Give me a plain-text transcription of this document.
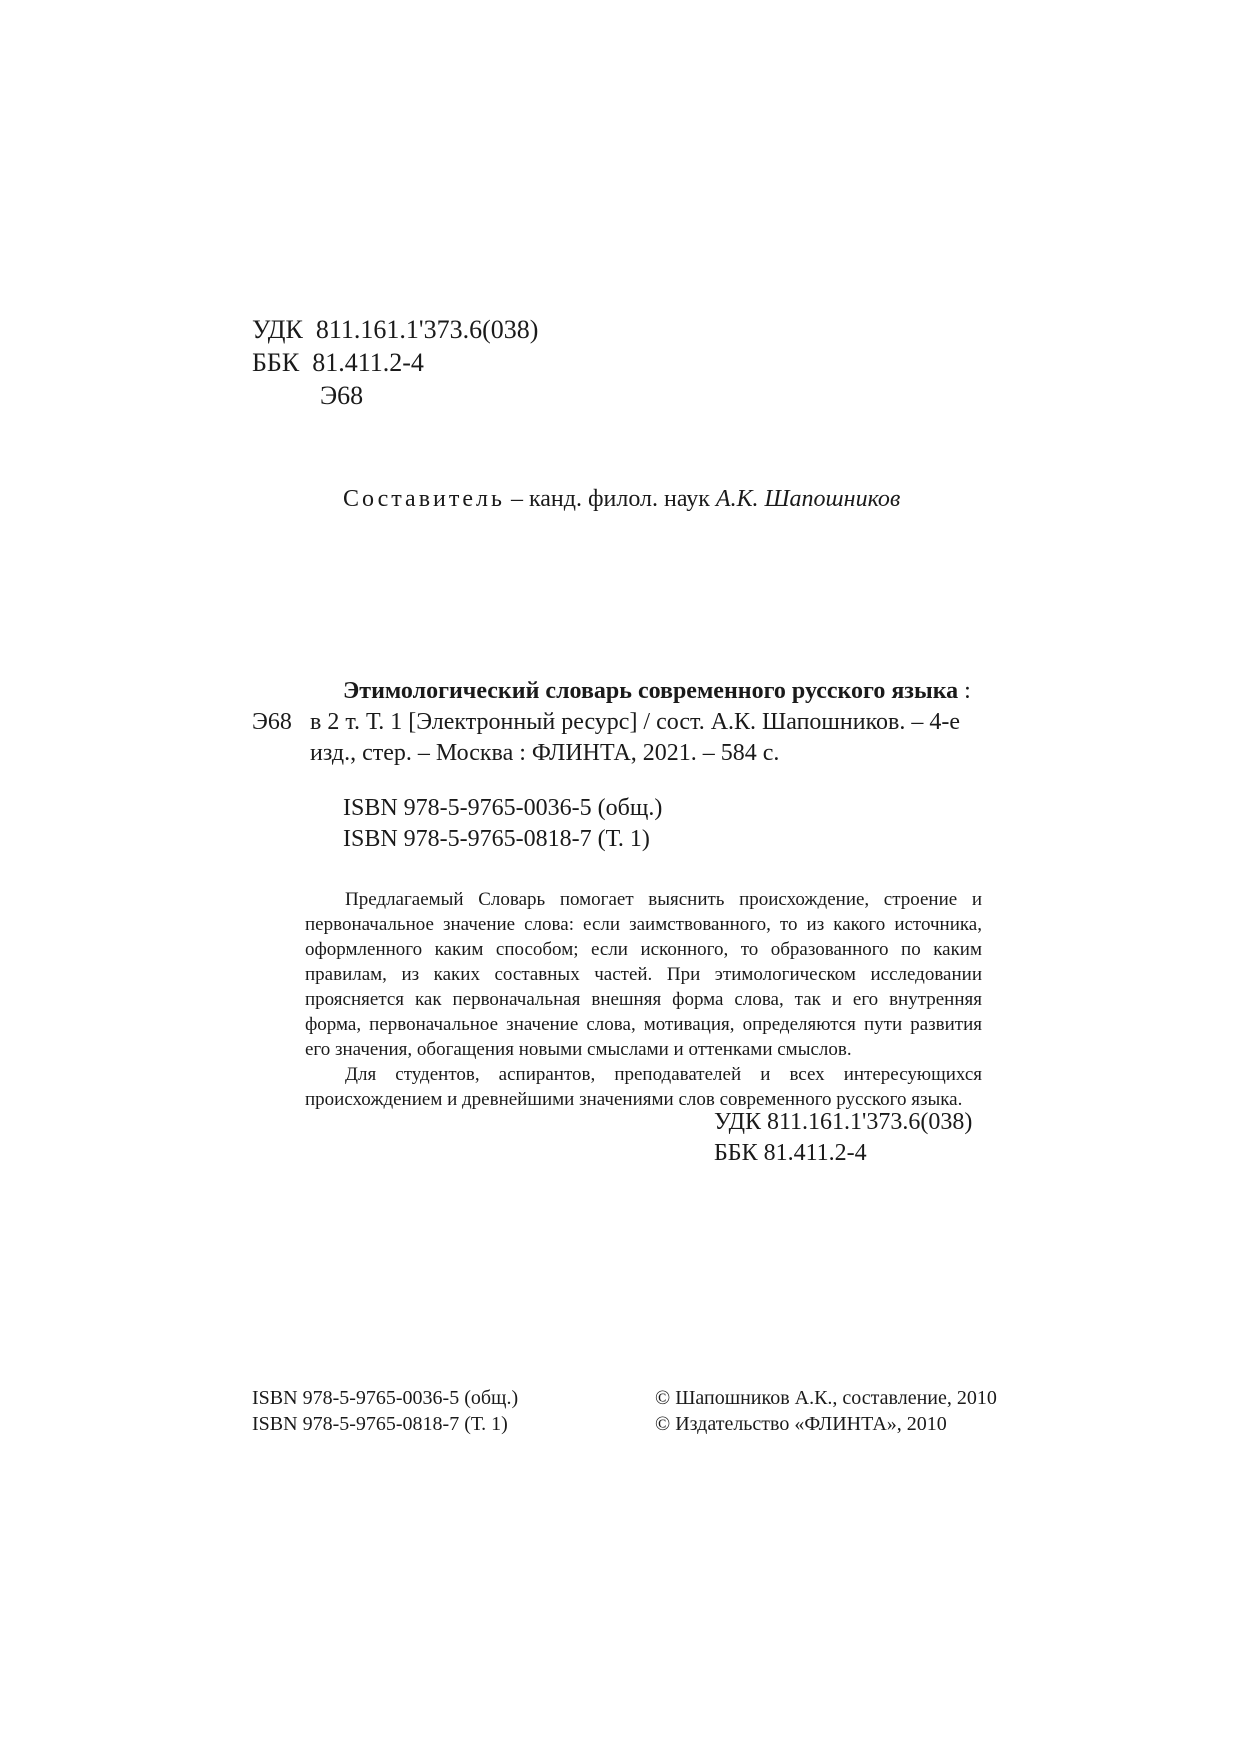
УДК 811.161.1'373.6(038)
ББК 81.411.2-4
Э68
Составитель – канд. филол. наук А.К. Шапошников
Этимологический словарь современного русского языка :
Э68 в 2 т. Т. 1 [Электронный ресурс] / сост. А.К. Шапошников. – 4-е
изд., стер. – Москва : ФЛИНТА, 2021. – 584 с.
ISBN 978-5-9765-0036-5 (общ.)
ISBN 978-5-9765-0818-7 (Т. 1)

Предлагаемый Словарь помогает выяснить происхождение, строение и первоначальное значение слова: если заимствованного, то из какого источника, оформленного каким способом; если исконного, то образованного по каким правилам, из каких составных частей. При этимологическом исследовании проясняется как первоначальная внешняя форма слова, так и его внутренняя форма, первоначальное значение слова, мотивация, определяются пути развития его значения, обогащения новыми смыслами и оттенками смыслов.

Для студентов, аспирантов, преподавателей и всех интересующихся происхождением и древнейшими значениями слов современного русского языка.

УДК 811.161.1'373.6(038)
ББК 81.411.2-4
ISBN 978-5-9765-0036-5 (общ.)
ISBN 978-5-9765-0818-7 (Т. 1)
© Шапошников А.К., составление, 2010
© Издательство «ФЛИНТА», 2010
